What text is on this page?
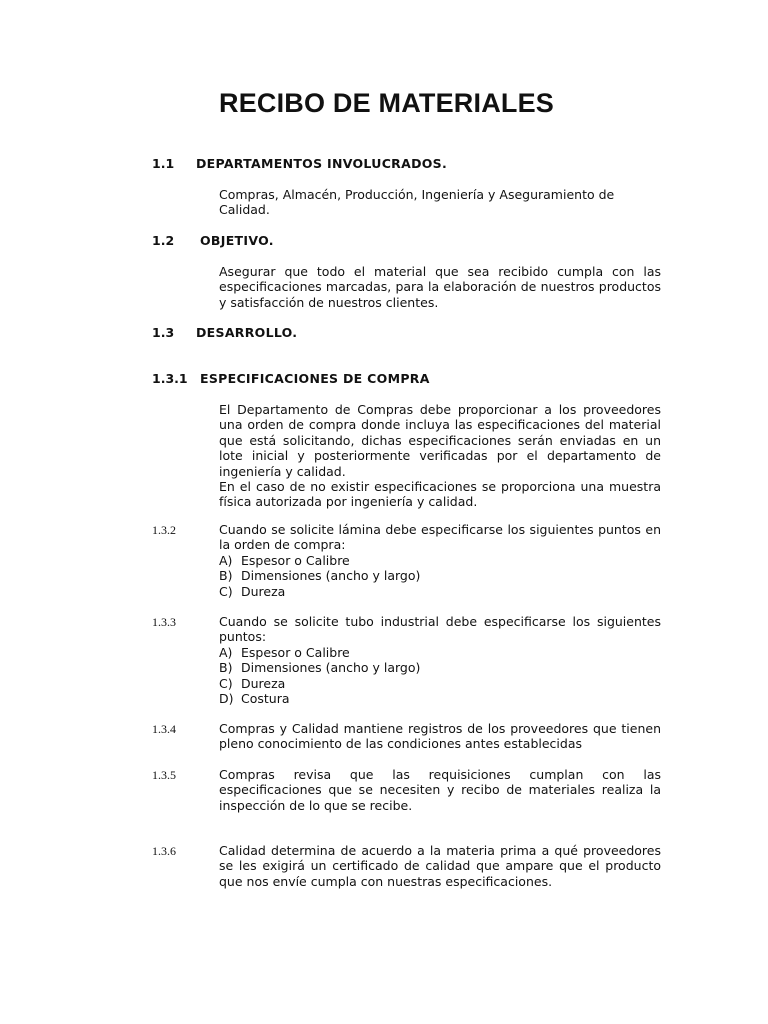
RECIBO DE MATERIALES
1.1 DEPARTAMENTOS INVOLUCRADOS.

Compras, Almacén, Producción, Ingeniería y Aseguramiento de Calidad.

1.2 OBJETIVO.

Asegurar que todo el material que sea recibido cumpla con las especificaciones marcadas, para la elaboración de nuestros productos y satisfacción de nuestros clientes.

1.3 DESARROLLO.
1.3.1 ESPECIFICACIONES DE COMPRA
El Departamento de Compras debe proporcionar a los proveedores una orden de compra donde incluya las especificaciones del material que está solicitando, dichas especificaciones serán enviadas en un lote inicial y posteriormente verificadas por el departamento de ingeniería y calidad.
En el caso de no existir especificaciones se proporciona una muestra física autorizada por ingeniería y calidad.
1.3.2	Cuando se solicite lámina debe especificarse los siguientes puntos en la orden de compra:

A) Espesor o Calibre
B) Dimensiones (ancho y largo)
C) Dureza
1.3.3	Cuando se solicite tubo industrial debe especificarse los siguientes puntos:

A) Espesor o Calibre
B) Dimensiones (ancho y largo)
C) Dureza
D) Costura
1.3.4	Compras y Calidad mantiene registros de los proveedores que tienen pleno conocimiento de las condiciones antes establecidas

1.3.5	Compras revisa que las requisiciones cumplan con las especificaciones que se necesiten y recibo de materiales realiza la inspección de lo que se recibe.

1.3.6	Calidad determina de acuerdo a la materia prima a qué proveedores se les exigirá un certificado de calidad que ampare que el producto que nos envíe cumpla con nuestras especificaciones.
